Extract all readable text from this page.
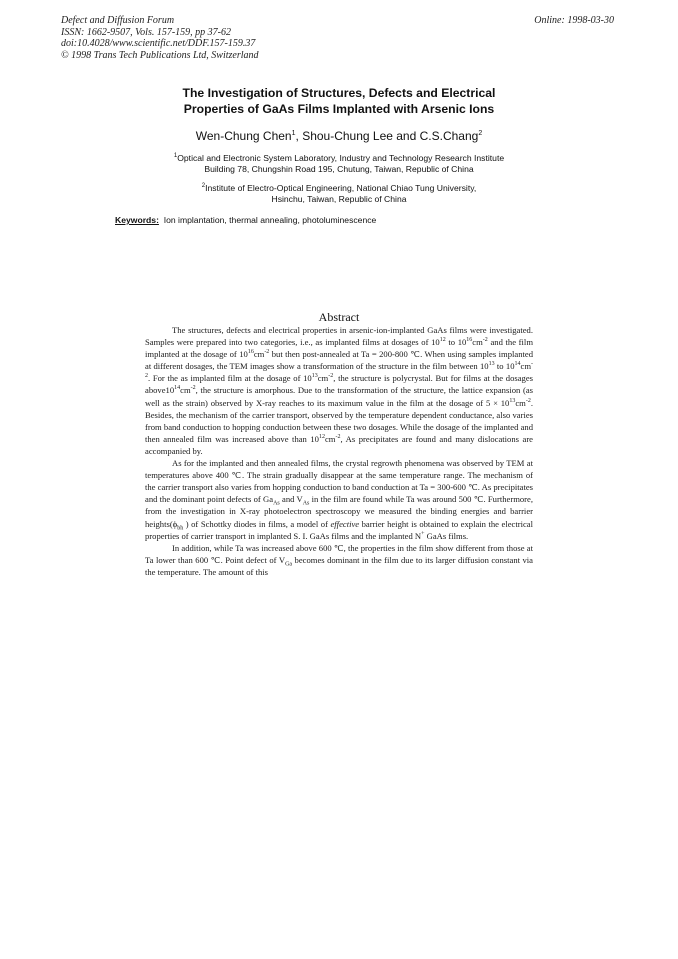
Defect and Diffusion Forum
ISSN: 1662-9507, Vols. 157-159, pp 37-62
doi:10.4028/www.scientific.net/DDF.157-159.37
© 1998 Trans Tech Publications Ltd, Switzerland
Online: 1998-03-30
The Investigation of Structures, Defects and Electrical
Properties of GaAs Films Implanted with Arsenic Ions
Wen-Chung Chen$^1$, Shou-Chung Lee and C.S.Chang$^2$
$^1$Optical and Electronic System Laboratory, Industry and Technology Research Institute
Building 78, Chungshin Road 195, Chutung, Taiwan, Republic of China
$^2$Institute of Electro-Optical Engineering, National Chiao Tung University,
Hsinchu, Taiwan, Republic of China
Keywords: Ion implantation, thermal annealing, photoluminescence
Abstract

The structures, defects and electrical properties in arsenic-ion-implanted GaAs films were investigated. Samples were prepared into two categories, i.e., as implanted films at dosages of $10^{12}$ to $10^{16}cm^{-2}$ and the film implanted at the dosage of $10^{16}cm^{-2}$ but then post-annealed at Ta = 200-800 ℃. When using samples implanted at different dosages, the TEM images show a transformation of the structure in the film between $10^{13}$ to $10^{14}cm^{-2}$. For the as implanted film at the dosage of $10^{13}cm^{-2}$, the structure is polycrystal. But for films at the dosages $above10^{14}cm^{-2}$, the structure is amorphous. Due to the transformation of the structure, the lattice expansion (as well as the strain) observed by X-ray reaches to its maximum value in the film at the dosage of $5 \times 10^{13}cm^{-2}$. Besides, the mechanism of the carrier transport, observed by the temperature dependent conductance, also varies from band conduction to hopping conduction between these two dosages. While the dosage of the implanted and then annealed film was increased above than $10^{12}cm^{-2}$, As precipitates are found and many dislocations are accompanied by.

As for the implanted and then annealed films, the crystal regrowth phenomena was observed by TEM at temperatures above 400 ℃. The strain gradually disappear at the same temperature range. The mechanism of the carrier transport also varies from hopping conduction to band conduction at Ta = 300-600 ℃. As precipitates and the dominant point defects of $Ga_{As}$ and $V_{As}$ in the film are found while Ta was around 500 ℃. Furthermore, from the investigation in X-ray photoelectron spectroscopy we measured the binding energies and barrier $heights(\phi_{bh}$ ) of Schottky diodes in films, a model of effective barrier height is obtained to explain the electrical properties of carrier transport in implanted S. I. GaAs films and the implanted N+ GaAs films.

In addition, while Ta was increased above 600 ℃, the properties in the film show different from those at Ta lower than 600 ℃. Point defect of $V_{Ga}$ becomes dominant in the film due to its larger diffusion constant via the temperature. The amount of this
